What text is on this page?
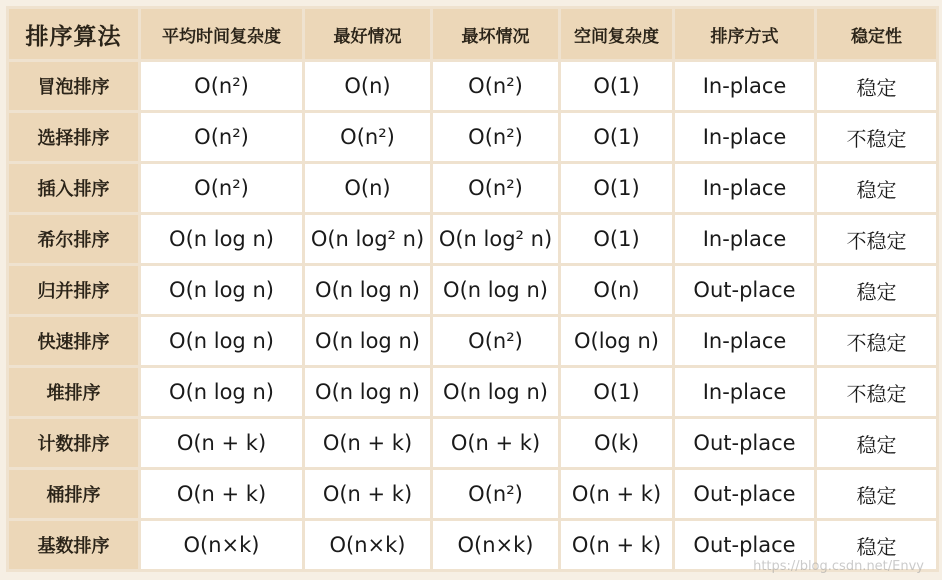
排序算法	平均时间复杂度	最好情况	最坏情况	空间复杂度	排序方式	稳定性
冒泡排序	O(n²)	O(n)	O(n²)	O(1)	In-place	稳定
选择排序	O(n²)	O(n²)	O(n²)	O(1)	In-place	不稳定
插入排序	O(n²)	O(n)	O(n²)	O(1)	In-place	稳定
希尔排序	O(n log n)	O(n log² n)	O(n log² n)	O(1)	In-place	不稳定
归并排序	O(n log n)	O(n log n)	O(n log n)	O(n)	Out-place	稳定
快速排序	O(n log n)	O(n log n)	O(n²)	O(log n)	In-place	不稳定
堆排序	O(n log n)	O(n log n)	O(n log n)	O(1)	In-place	不稳定
计数排序	O(n + k)	O(n + k)	O(n + k)	O(k)	Out-place	稳定
桶排序	O(n + k)	O(n + k)	O(n²)	O(n + k)	Out-place	稳定
基数排序	O(n×k)	O(n×k)	O(n×k)	O(n + k)	Out-place	稳定
https://blog.csdn.net/Envy
